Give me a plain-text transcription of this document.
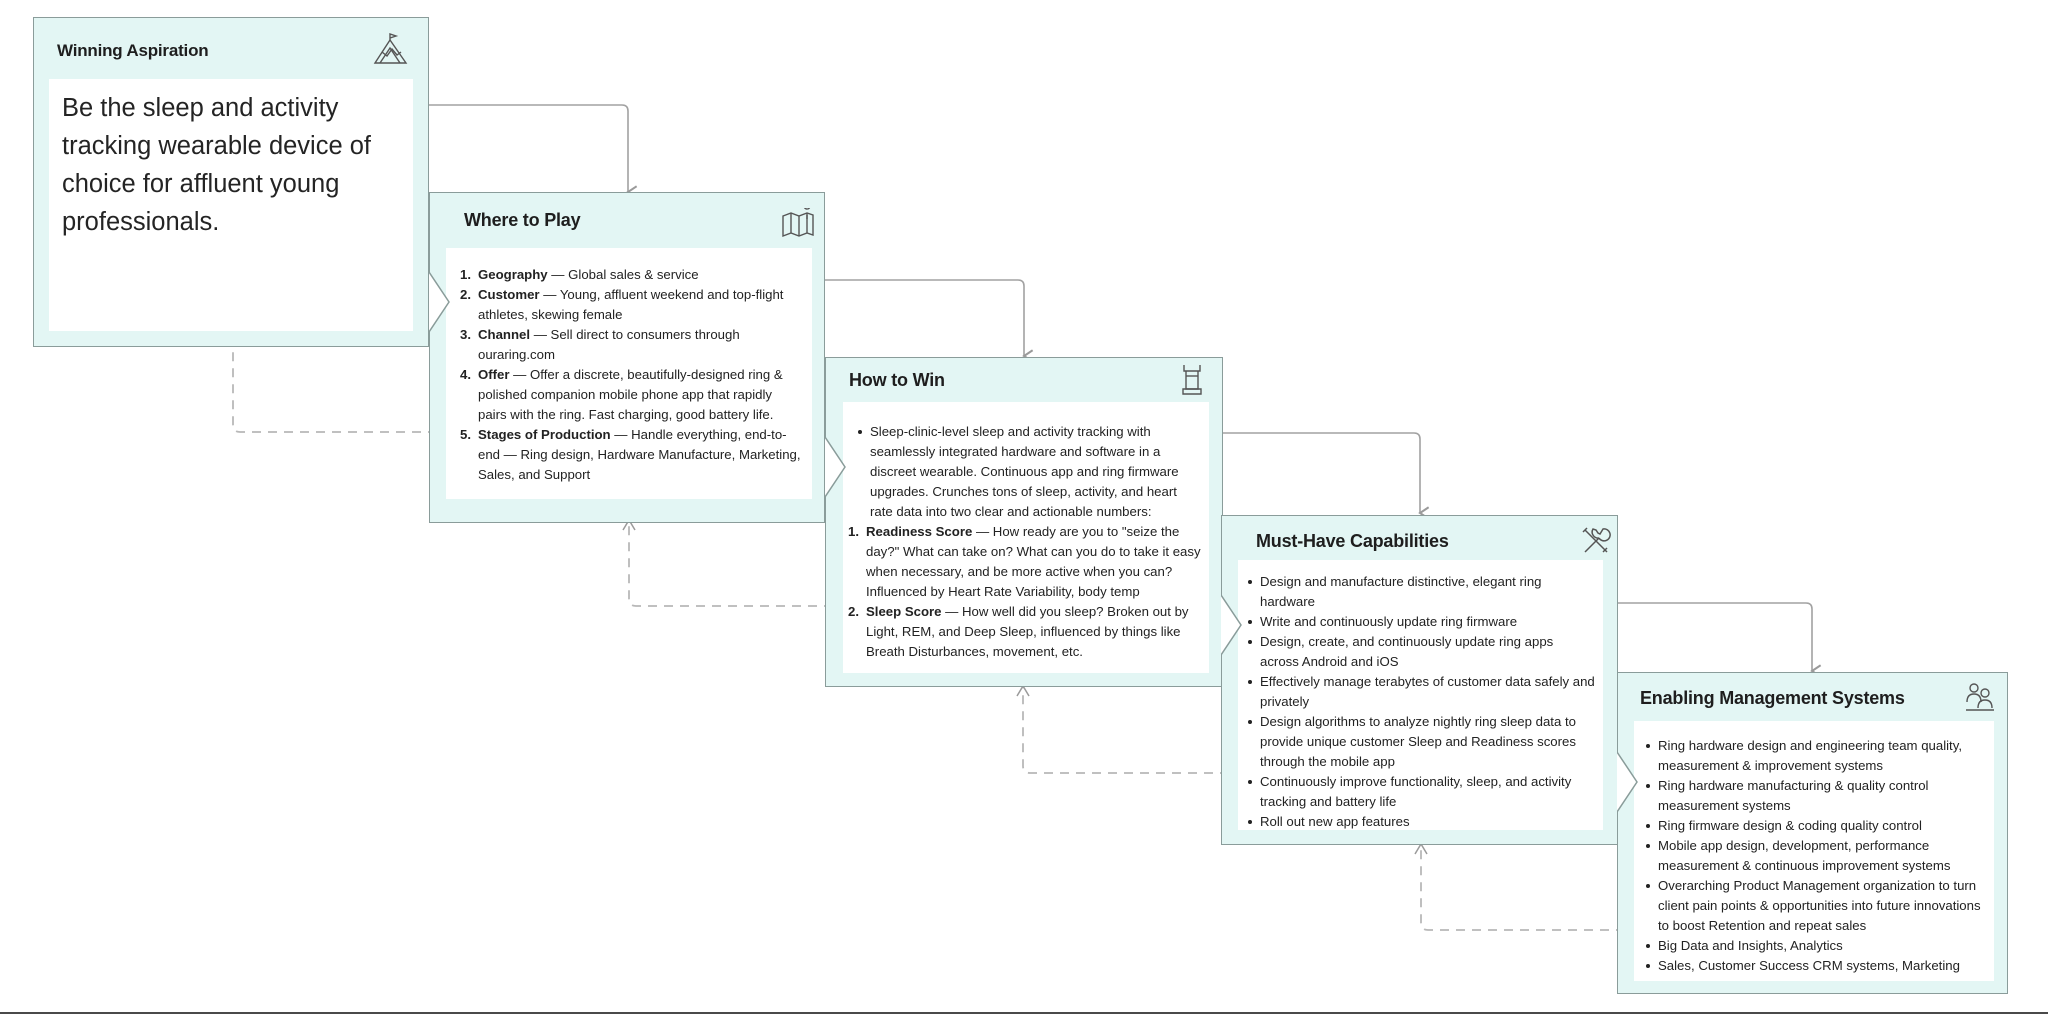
Winning Aspiration
Be the sleep and activity tracking wearable device of choice for affluent young professionals.	Where to Play
Geography — Global sales & service
Customer — Young, affluent weekend and top-flight athletes, skewing female
Channel — Sell direct to consumers through ouraring.com
Offer — Offer a discrete, beautifully-designed ring & polished companion mobile phone app that rapidly pairs with the ring. Fast charging, good battery life.
Stages of Production — Handle everything, end-to-end — Ring design, Hardware Manufacture, Marketing, Sales, and Support
How to Win
Sleep-clinic-level sleep and activity tracking with seamlessly integrated hardware and software in a discreet wearable. Continuous app and ring firmware upgrades. Crunches tons of sleep, activity, and heart rate data into two clear and actionable numbers:
Readiness Score — How ready are you to "seize the day?" What can take on? What can you do to take it easy when necessary, and be more active when you can? Influenced by Heart Rate Variability, body temp
Sleep Score — How well did you sleep? Broken out by Light, REM, and Deep Sleep, influenced by things like Breath Disturbances, movement, etc.
Must-Have Capabilities
Design and manufacture distinctive, elegant ring hardware
Write and continuously update ring firmware
Design, create, and continuously update ring apps across Android and iOS
Effectively manage terabytes of customer data safely and privately
Design algorithms to analyze nightly ring sleep data to provide unique customer Sleep and Readiness scores through the mobile app
Continuously improve functionality, sleep, and activity tracking and battery life
Roll out new app features
Enabling Management Systems
Ring hardware design and engineering team quality, measurement & improvement systems
Ring hardware manufacturing & quality control measurement systems
Ring firmware design & coding quality control
Mobile app design, development, performance measurement & continuous improvement systems
Overarching Product Management organization to turn client pain points & opportunities into future innovations to boost Retention and repeat sales
Big Data and Insights, Analytics
Sales, Customer Success CRM systems, Marketing
